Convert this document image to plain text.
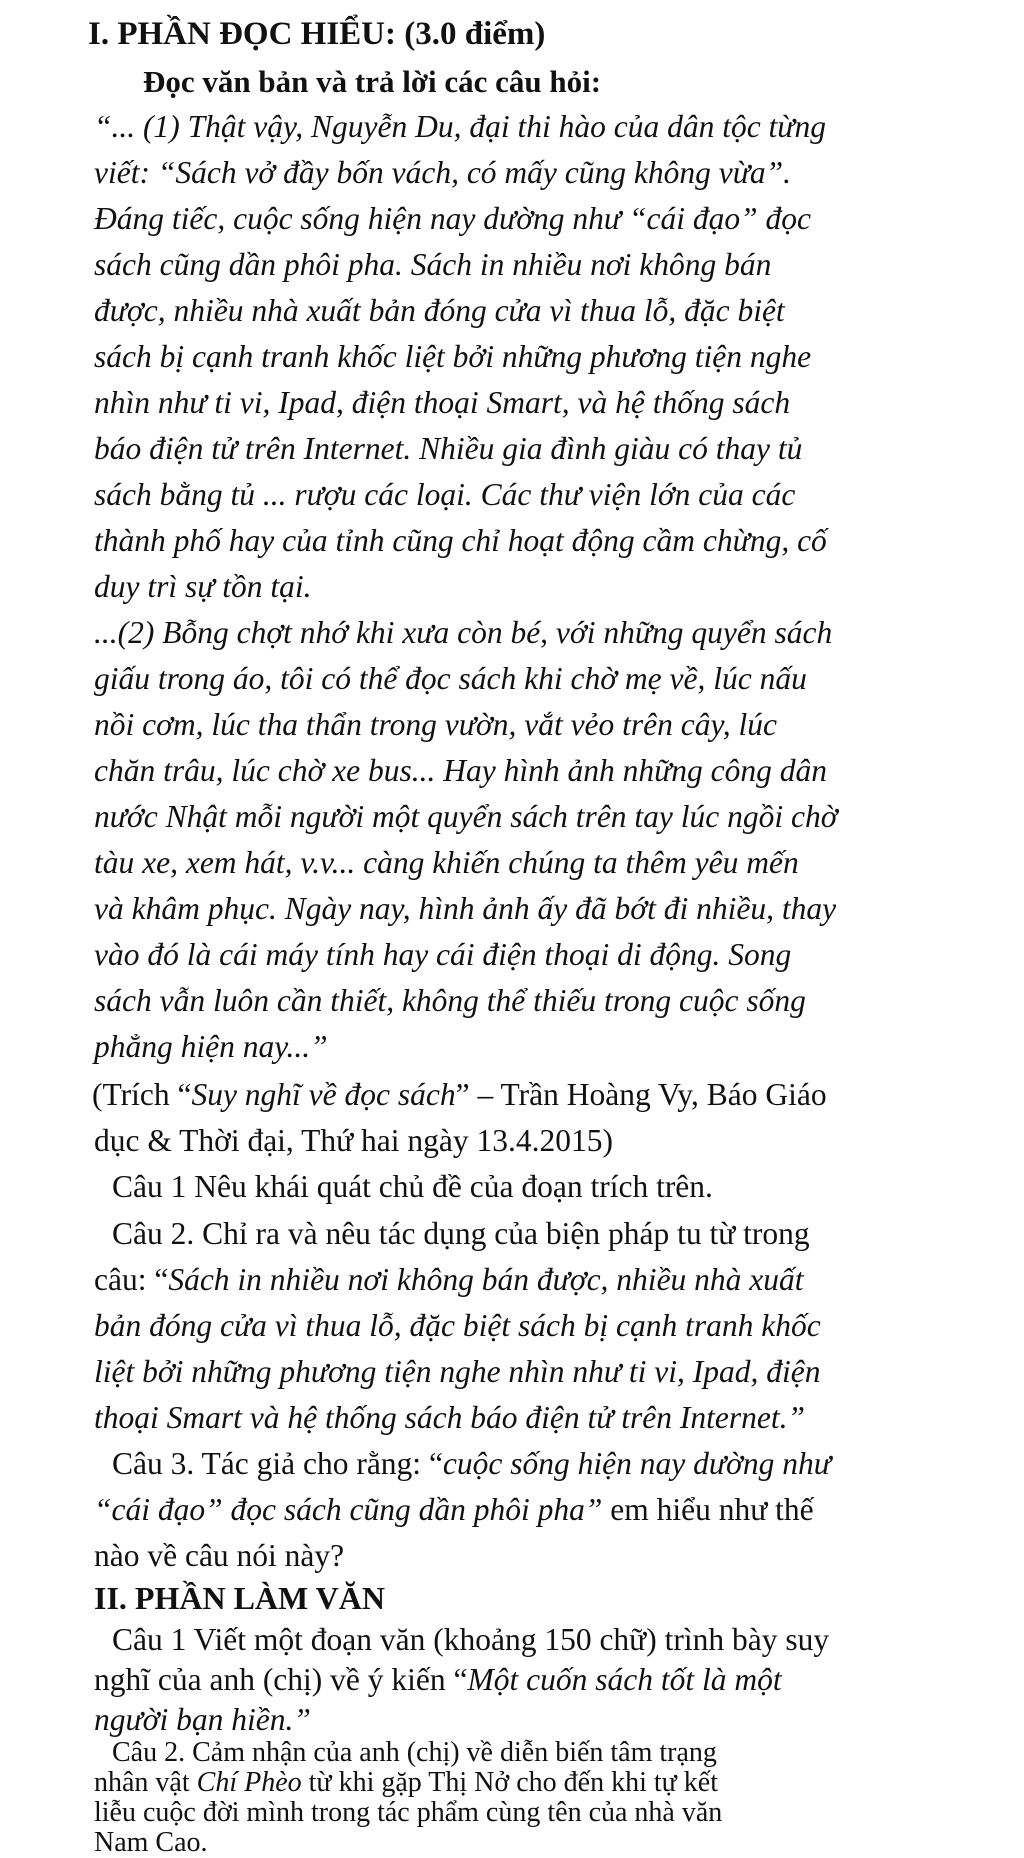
I. PHẦN ĐỌC HIỂU: (3.0 điểm)
Đọc văn bản và trả lời các câu hỏi:
“... (1) Thật vậy, Nguyễn Du, đại thi hào của dân tộc từng
viết: “Sách vở đầy bốn vách, có mấy cũng không vừa”.
Đáng tiếc, cuộc sống hiện nay dường như “cái đạo” đọc
sách cũng dần phôi pha. Sách in nhiều nơi không bán
được, nhiều nhà xuất bản đóng cửa vì thua lỗ, đặc biệt
sách bị cạnh tranh khốc liệt bởi những phương tiện nghe
nhìn như ti vi, Ipad, điện thoại Smart, và hệ thống sách
báo điện tử trên Internet. Nhiều gia đình giàu có thay tủ
sách bằng tủ ... rượu các loại. Các thư viện lớn của các
thành phố hay của tỉnh cũng chỉ hoạt động cầm chừng, cố
duy trì sự tồn tại.
...(2) Bỗng chợt nhớ khi xưa còn bé, với những quyển sách
giấu trong áo, tôi có thể đọc sách khi chờ mẹ về, lúc nấu
nồi cơm, lúc tha thẩn trong vườn, vắt vẻo trên cây, lúc
chăn trâu, lúc chờ xe bus... Hay hình ảnh những công dân
nước Nhật mỗi người một quyển sách trên tay lúc ngồi chờ
tàu xe, xem hát, v.v... càng khiến chúng ta thêm yêu mến
và khâm phục. Ngày nay, hình ảnh ấy đã bớt đi nhiều, thay
vào đó là cái máy tính hay cái điện thoại di động. Song
sách vẫn luôn cần thiết, không thể thiếu trong cuộc sống
phẳng hiện nay...”
(Trích “Suy nghĩ về đọc sách” – Trần Hoàng Vy, Báo Giáo
dục & Thời đại, Thứ hai ngày 13.4.2015)
Câu 1 Nêu khái quát chủ đề của đoạn trích trên.
Câu 2. Chỉ ra và nêu tác dụng của biện pháp tu từ trong
câu: “Sách in nhiều nơi không bán được, nhiều nhà xuất
bản đóng cửa vì thua lỗ, đặc biệt sách bị cạnh tranh khốc
liệt bởi những phương tiện nghe nhìn như ti vi, Ipad, điện
thoại Smart và hệ thống sách báo điện tử trên Internet.”
Câu 3. Tác giả cho rằng: “cuộc sống hiện nay dường như
“cái đạo” đọc sách cũng dần phôi pha” em hiểu như thế
nào về câu nói này?
II. PHẦN LÀM VĂN
Câu 1 Viết một đoạn văn (khoảng 150 chữ) trình bày suy
nghĩ của anh (chị) về ý kiến “Một cuốn sách tốt là một
người bạn hiền.”
Câu 2. Cảm nhận của anh (chị) về diễn biến tâm trạng
nhân vật Chí Phèo từ khi gặp Thị Nở cho đến khi tự kết
liễu cuộc đời mình trong tác phẩm cùng tên của nhà văn
Nam Cao.
